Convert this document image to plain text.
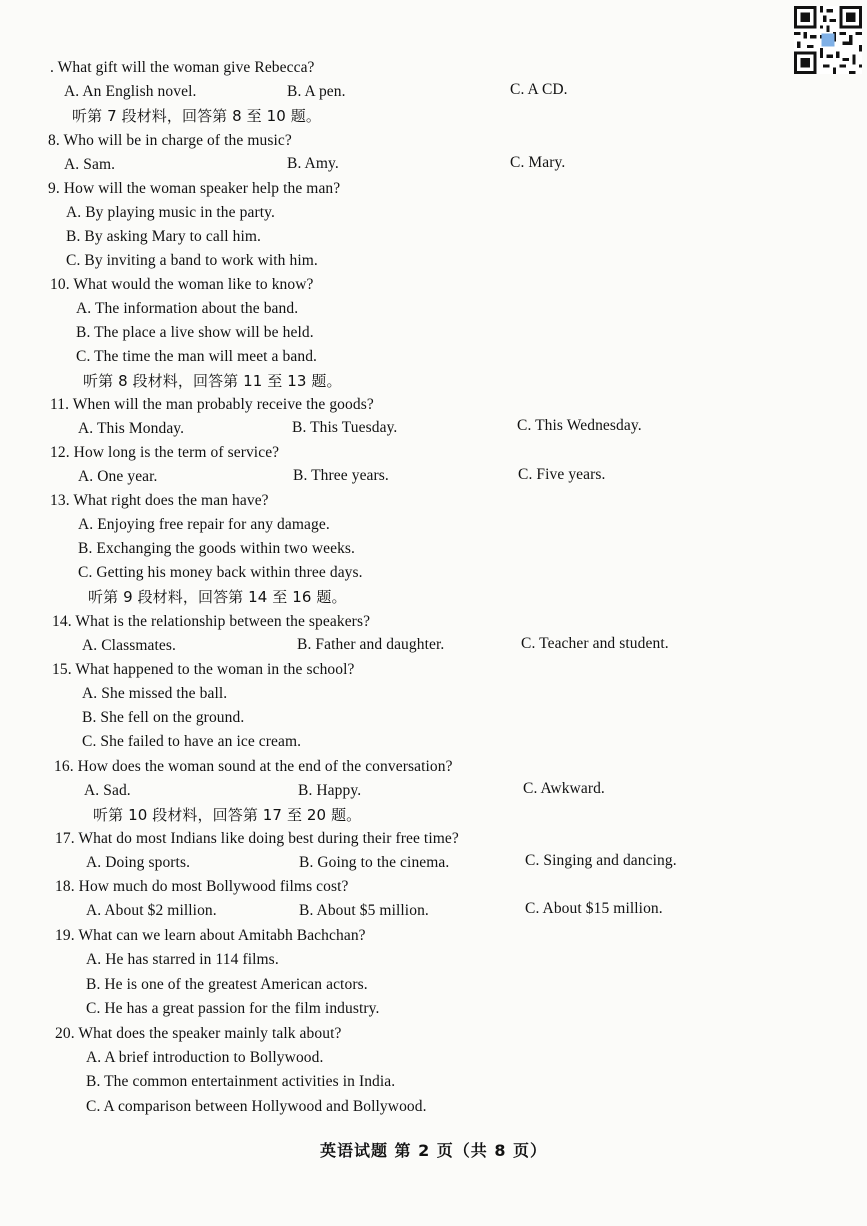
. What gift will the woman give Rebecca?
A. An English novel.	B. A pen.	C. A CD.
听第 7 段材料，回答第 8 至 10 题。
8. Who will be in charge of the music?
A. Sam.	B. Amy.	C. Mary.
9. How will the woman speaker help the man?
A. By playing music in the party.
B. By asking Mary to call him.
C. By inviting a band to work with him.
10. What would the woman like to know?
A. The information about the band.
B. The place a live show will be held.
C. The time the man will meet a band.
听第 8 段材料，回答第 11 至 13 题。
11. When will the man probably receive the goods?
A. This Monday.	B. This Tuesday.	C. This Wednesday.
12. How long is the term of service?
A. One year.	B. Three years.	C. Five years.
13. What right does the man have?
A. Enjoying free repair for any damage.
B. Exchanging the goods within two weeks.
C. Getting his money back within three days.
听第 9 段材料，回答第 14 至 16 题。
14. What is the relationship between the speakers?
A. Classmates.	B. Father and daughter.	C. Teacher and student.
15. What happened to the woman in the school?
A. She missed the ball.
B. She fell on the ground.
C. She failed to have an ice cream.
16. How does the woman sound at the end of the conversation?
A. Sad.	B. Happy.	C. Awkward.
听第 10 段材料，回答第 17 至 20 题。
17. What do most Indians like doing best during their free time?
A. Doing sports.	B. Going to the cinema.	C. Singing and dancing.
18. How much do most Bollywood films cost?
A. About $2 million.	B. About $5 million.	C. About $15 million.
19. What can we learn about Amitabh Bachchan?
A. He has starred in 114 films.
B. He is one of the greatest American actors.
C. He has a great passion for the film industry.
20. What does the speaker mainly talk about?
A. A brief introduction to Bollywood.
B. The common entertainment activities in India.
C. A comparison between Hollywood and Bollywood.
英语试题 第 2 页（共 8 页）
